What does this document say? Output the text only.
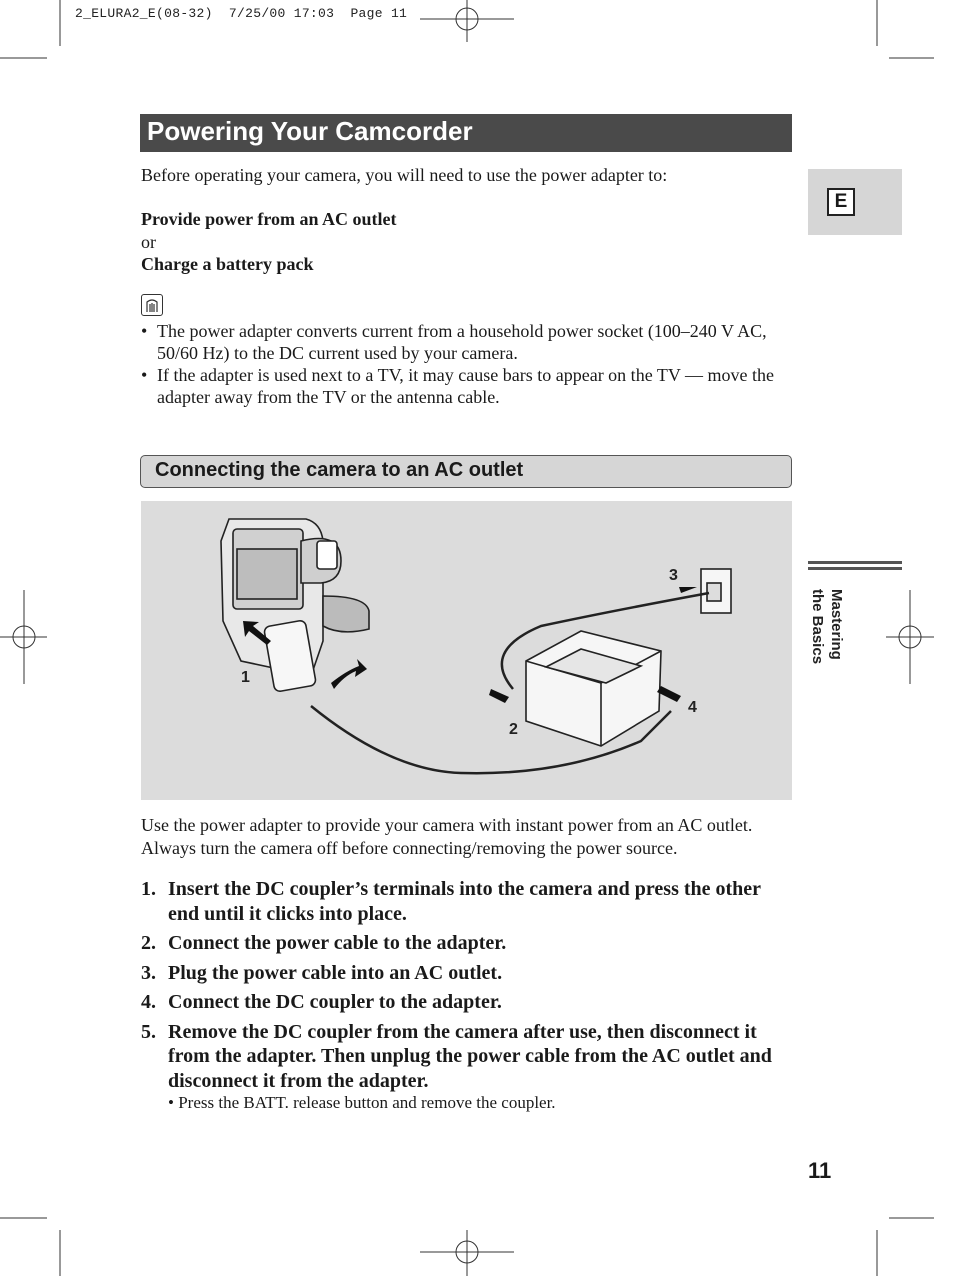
2_ELURA2_E(08-32)  7/25/00 17:03  Page 11
Powering Your Camcorder
E
Mastering
the Basics
Before operating your camera, you will need to use the power adapter to:
Provide power from an AC outlet
or
Charge a battery pack
• The power adapter converts current from a household power socket (100–240 V AC, 50/60 Hz) to the DC current used by your camera.
• If the adapter is used next to a TV, it may cause bars to appear on the TV — move the adapter away from the TV or the antenna cable.
Connecting the camera to an AC outlet
1
2
3
4
Use the power adapter to provide your camera with instant power from an AC outlet. Always turn the camera off before connecting/removing the power source.
1. Insert the DC coupler’s terminals into the camera and press the other end until it clicks into place.
2. Connect the power cable to the adapter.
3. Plug the power cable into an AC outlet.
4. Connect the DC coupler to the adapter.
5. Remove the DC coupler from the camera after use, then disconnect it from the adapter. Then unplug the power cable from the AC outlet and disconnect it from the adapter.
• Press the BATT. release button and remove the coupler.
11
